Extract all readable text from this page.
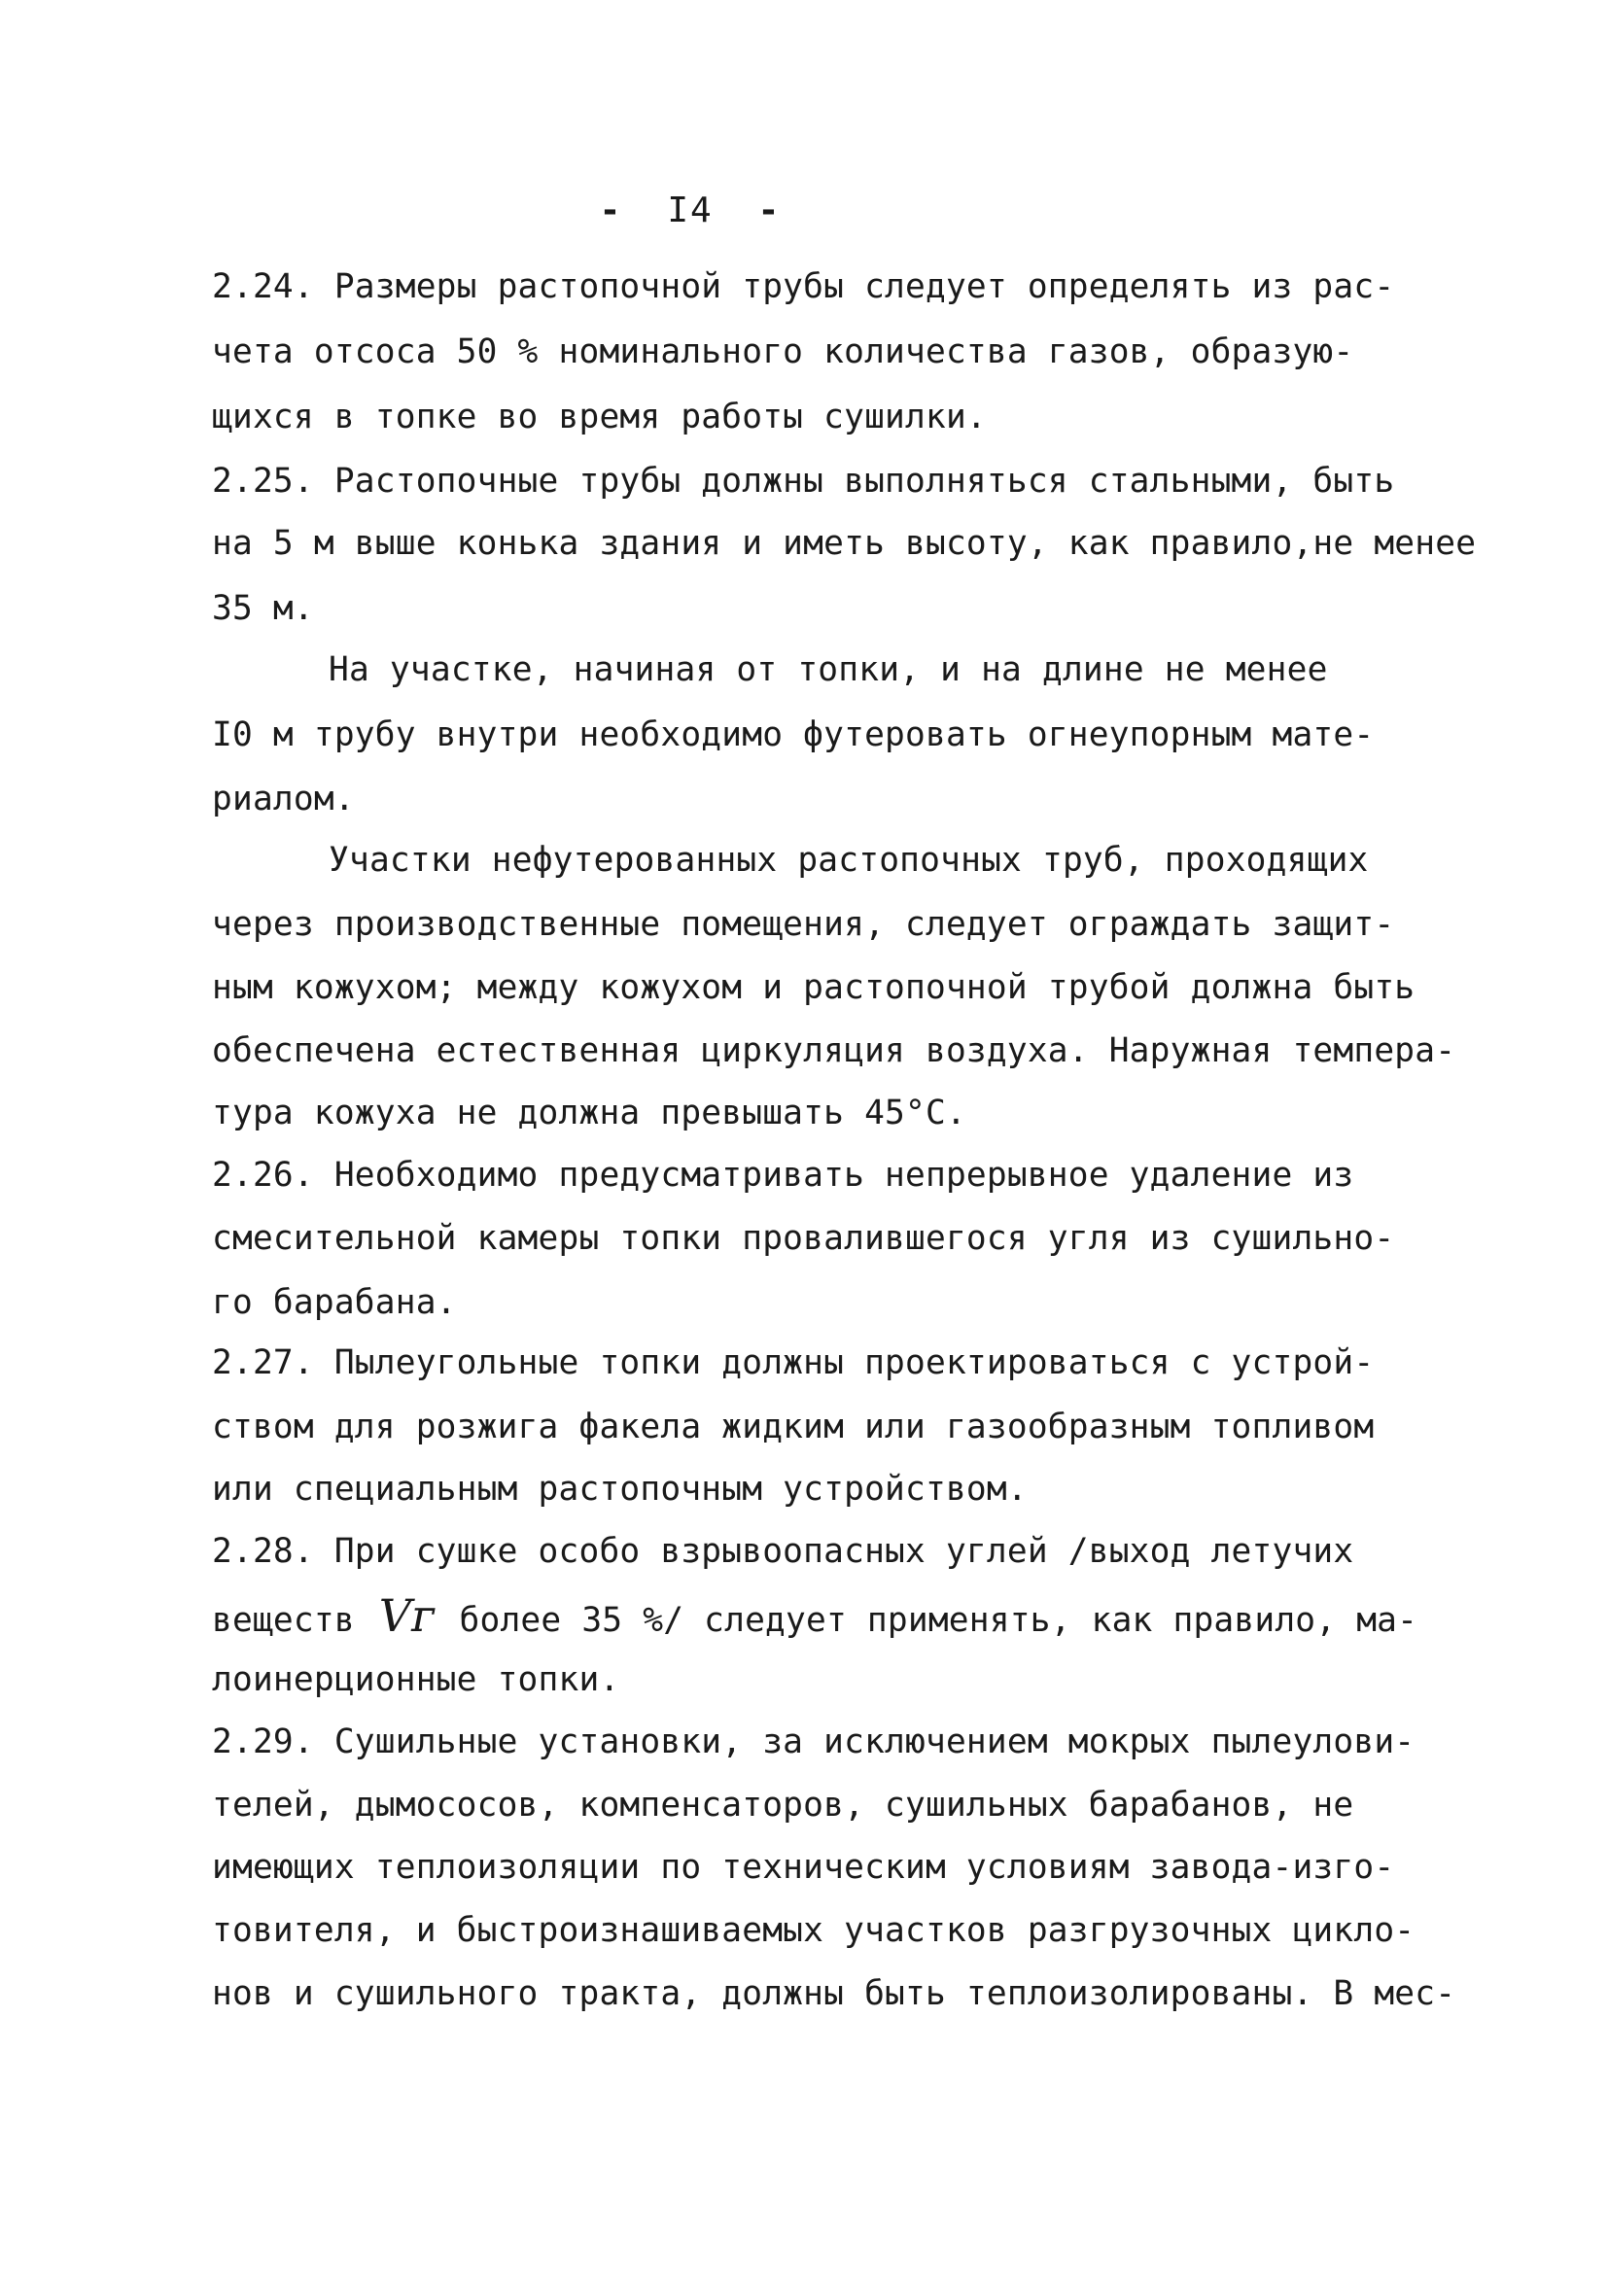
- I4 -
2.24. Размеры растопочной трубы следует определять из рас-
чета отсоса 50 % номинального количества газов, образую-
щихся в топке во время работы сушилки.
2.25. Растопочные трубы должны выполняться стальными, быть
на 5 м выше конька здания и иметь высоту, как правило,не менее
35 м.
На участке, начиная от топки, и на длине не менее
I0 м трубу внутри необходимо футеровать огнеупорным мате-
риалом.
Участки нефутерованных растопочных труб, проходящих
через производственные помещения, следует ограждать защит-
ным кожухом; между кожухом и растопочной трубой должна быть
обеспечена естественная циркуляция воздуха. Наружная темпера-
тура кожуха не должна превышать 45°С.
2.26. Необходимо предусматривать непрерывное удаление из
смесительной камеры топки провалившегося угля из сушильно-
го барабана.
2.27. Пылеугольные топки должны проектироваться с устрой-
ством для розжига факела жидким или газообразным топливом
или специальным растопочным устройством.
2.28. При сушке особо взрывоопасных углей /выход летучих
веществ Vᴦ более 35 %/ следует применять, как правило, ма-
лоинерционные топки.
2.29. Сушильные установки, за исключением мокрых пылеулови-
телей, дымососов, компенсаторов, сушильных барабанов, не
имеющих теплоизоляции по техническим условиям завода-изго-
товителя, и быстроизнашиваемых участков разгрузочных цикло-
нов и сушильного тракта, должны быть теплоизолированы. В мес-
